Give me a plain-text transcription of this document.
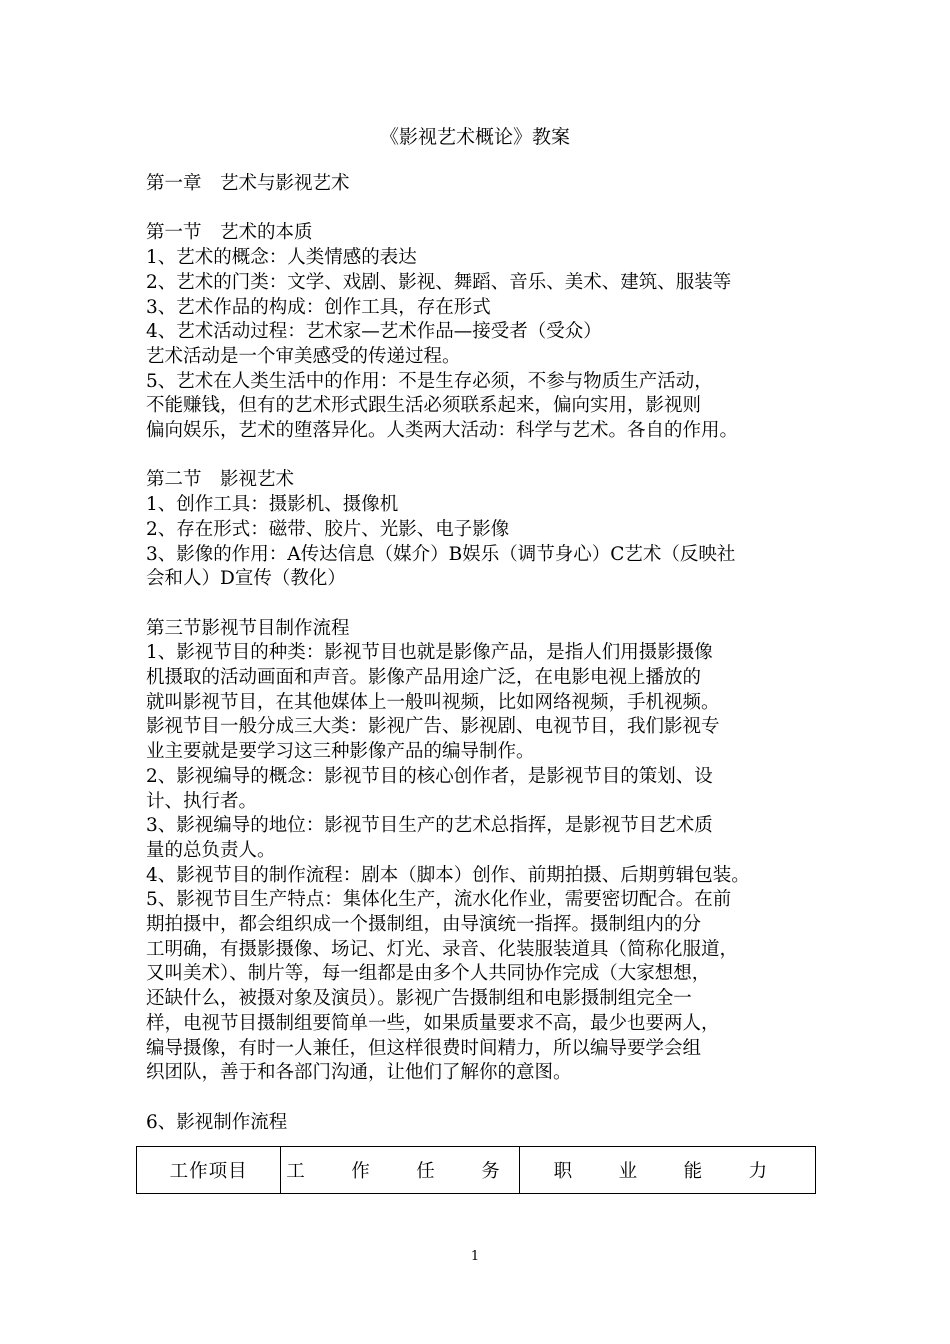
《影视艺术概论》教案

第一章　艺术与影视艺术

第一节　艺术的本质

1、艺术的概念：人类情感的表达

2、艺术的门类：文学、戏剧、影视、舞蹈、音乐、美术、建筑、服装等

3、艺术作品的构成：创作工具，存在形式

4、艺术活动过程：艺术家—艺术作品—接受者（受众）

艺术活动是一个审美感受的传递过程。

5、艺术在人类生活中的作用：不是生存必须，不参与物质生产活动，

不能赚钱，但有的艺术形式跟生活必须联系起来，偏向实用，影视则

偏向娱乐，艺术的堕落异化。人类两大活动：科学与艺术。各自的作用。

第二节　影视艺术

1、创作工具：摄影机、摄像机

2、存在形式：磁带、胶片、光影、电子影像

3、影像的作用：A传达信息（媒介）B娱乐（调节身心）C艺术（反映社

会和人）D宣传（教化）

第三节影视节目制作流程

1、影视节目的种类：影视节目也就是影像产品，是指人们用摄影摄像

机摄取的活动画面和声音。影像产品用途广泛，在电影电视上播放的

就叫影视节目，在其他媒体上一般叫视频，比如网络视频，手机视频。

影视节目一般分成三大类：影视广告、影视剧、电视节目，我们影视专

业主要就是要学习这三种影像产品的编导制作。

2、影视编导的概念：影视节目的核心创作者，是影视节目的策划、设

计、执行者。

3、影视编导的地位：影视节目生产的艺术总指挥，是影视节目艺术质

量的总负责人。

4、影视节目的制作流程：剧本（脚本）创作、前期拍摄、后期剪辑包装。

5、影视节目生产特点：集体化生产，流水化作业，需要密切配合。在前

期拍摄中，都会组织成一个摄制组，由导演统一指挥。摄制组内的分

工明确，有摄影摄像、场记、灯光、录音、化装服装道具（简称化服道，

又叫美术）、制片等，每一组都是由多个人共同协作完成（大家想想，

还缺什么，被摄对象及演员）。影视广告摄制组和电影摄制组完全一

样，电视节目摄制组要简单一些，如果质量要求不高，最少也要两人，

编导摄像，有时一人兼任，但这样很费时间精力，所以编导要学会组

织团队，善于和各部门沟通，让他们了解你的意图。

6、影视制作流程

工作项目	工　作　任　务	职　业　能　力
1
